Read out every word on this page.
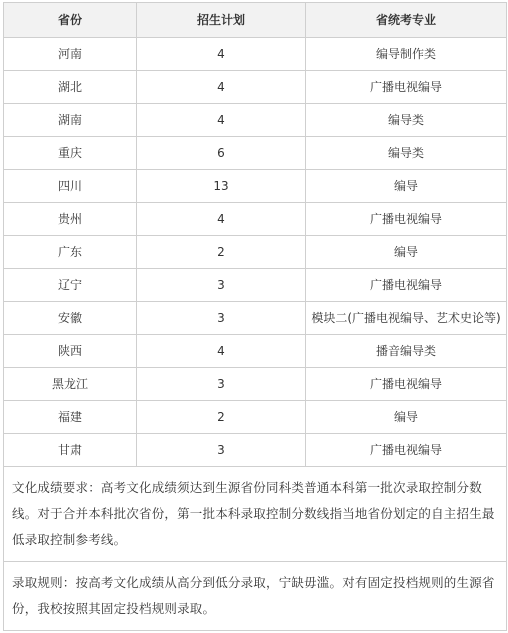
省份	招生计划	省统考专业
河南	4	编导制作类
湖北	4	广播电视编导
湖南	4	编导类
重庆	6	编导类
四川	13	编导
贵州	4	广播电视编导
广东	2	编导
辽宁	3	广播电视编导
安徽	3	模块二(广播电视编导、艺术史论等)
陕西	4	播音编导类
黑龙江	3	广播电视编导
福建	2	编导
甘肃	3	广播电视编导
文化成绩要求：高考文化成绩须达到生源省份同科类普通本科第一批次录取控制分数线。对于合并本科批次省份，第一批本科录取控制分数线指当地省份划定的自主招生最低录取控制参考线。		
录取规则：按高考文化成绩从高分到低分录取，宁缺毋滥。对有固定投档规则的生源省份，我校按照其固定投档规则录取。		
